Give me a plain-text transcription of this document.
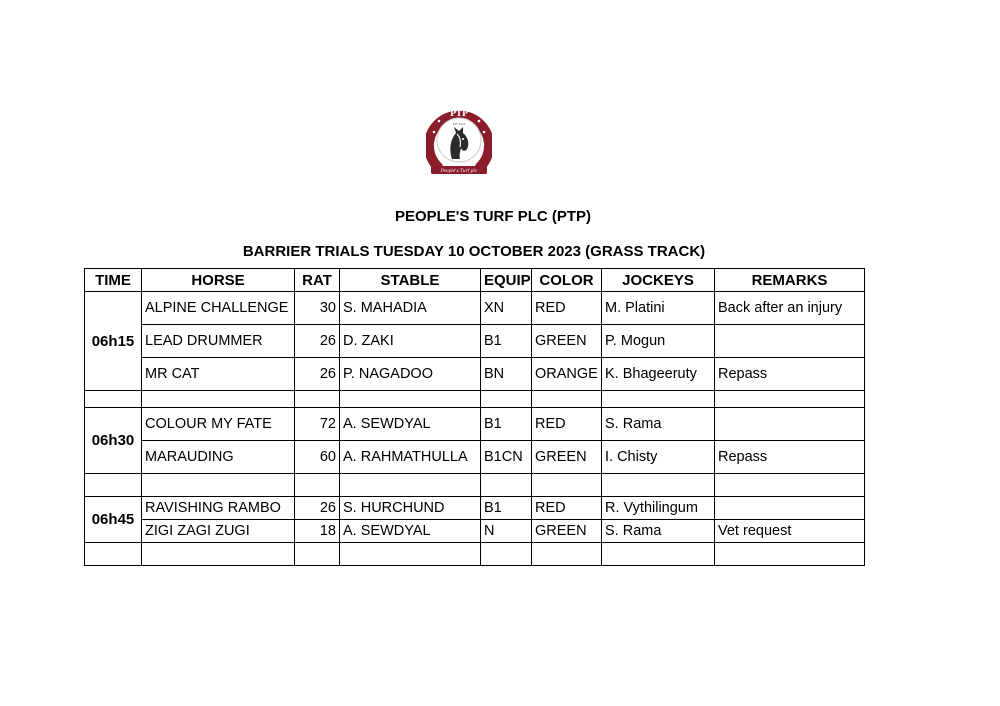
PTP
EST. 2024
People's Turf plc
PEOPLE'S TURF PLC (PTP)
BARRIER TRIALS TUESDAY 10 OCTOBER 2023 (GRASS TRACK)
TIME	HORSE	RAT	STABLE	EQUIP	COLOR	JOCKEYS	REMARKS
06h15	ALPINE CHALLENGE	30	S. MAHADIA	XN	RED	M. Platini	Back after an injury
	LEAD DRUMMER	26	D. ZAKI	B1	GREEN	P. Mogun	
	MR CAT	26	P. NAGADOO	BN	ORANGE	K. Bhageeruty	Repass

06h30	COLOUR MY FATE	72	A. SEWDYAL	B1	RED	S. Rama	
	MARAUDING	60	A. RAHMATHULLA	B1CN	GREEN	I. Chisty	Repass

06h45	RAVISHING RAMBO	26	S. HURCHUND	B1	RED	R. Vythilingum	
	ZIGI ZAGI ZUGI	18	A. SEWDYAL	N	GREEN	S. Rama	Vet request
